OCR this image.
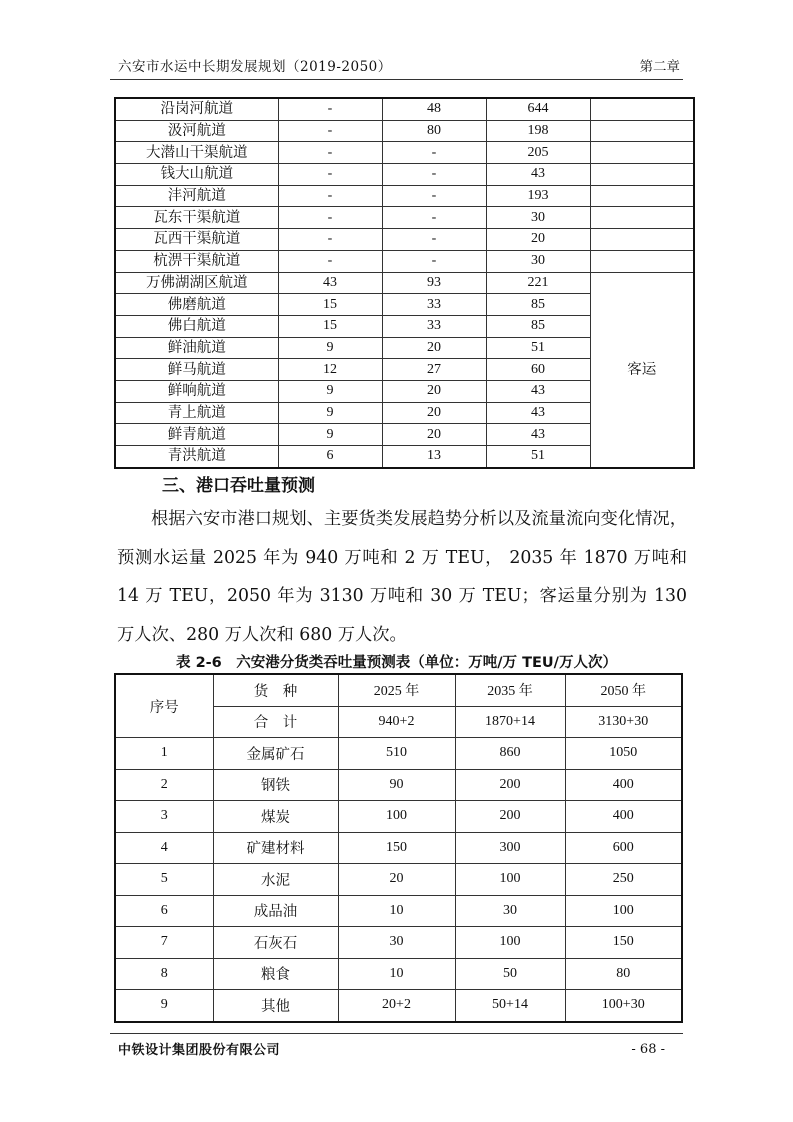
六安市水运中长期发展规划（2019-2050）	第二章
沿岗河航道	-	48	644	
汲河航道	-	80	198	
大潜山干渠航道	-	-	205	
钱大山航道	-	-	43	
沣河航道	-	-	193	
瓦东干渠航道	-	-	30	
瓦西干渠航道	-	-	20	
杭淠干渠航道	-	-	30	
万佛湖湖区航道	43	93	221	客运
佛磨航道	15	33	85	
佛白航道	15	33	85	
鲜油航道	9	20	51	
鲜马航道	12	27	60	
鲜响航道	9	20	43	
青上航道	9	20	43	
鲜青航道	9	20	43	
青洪航道	6	13	51	
三、港口吞吐量预测
根据六安市港口规划、主要货类发展趋势分析以及流量流向变化情况，预测水运量 2025 年为 940 万吨和 2 万 TEU， 2035 年 1870 万吨和 14 万 TEU，2050 年为 3130 万吨和 30 万 TEU；客运量分别为 130 万人次、280 万人次和 680 万人次。
表 2-6　六安港分货类吞吐量预测表（单位：万吨/万 TEU/万人次）
序号	货　种	2025 年	2035 年	2050 年
	合　计	940+2	1870+14	3130+30
1	金属矿石	510	860	1050
2	钢铁	90	200	400
3	煤炭	100	200	400
4	矿建材料	150	300	600
5	水泥	20	100	250
6	成品油	10	30	100
7	石灰石	30	100	150
8	粮食	10	50	80
9	其他	20+2	50+14	100+30
中铁设计集团股份有限公司	- 68 -
